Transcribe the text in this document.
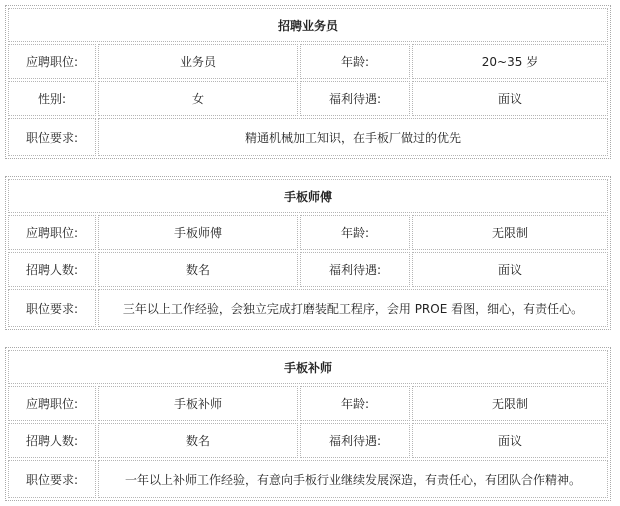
招聘业务员			
应聘职位:	业务员	年龄:	20~35 岁
性别:	女	福利待遇:	面议
职位要求:	精通机械加工知识，在手板厂做过的优先		
手板师傅			
应聘职位:	手板师傅	年龄:	无限制
招聘人数:	数名	福利待遇:	面议
职位要求:	三年以上工作经验，会独立完成打磨装配工程序，会用 PROE 看图，细心，有责任心。		
手板补师			
应聘职位:	手板补师	年龄:	无限制
招聘人数:	数名	福利待遇:	面议
职位要求:	一年以上补师工作经验，有意向手板行业继续发展深造，有责任心，有团队合作精神。		
